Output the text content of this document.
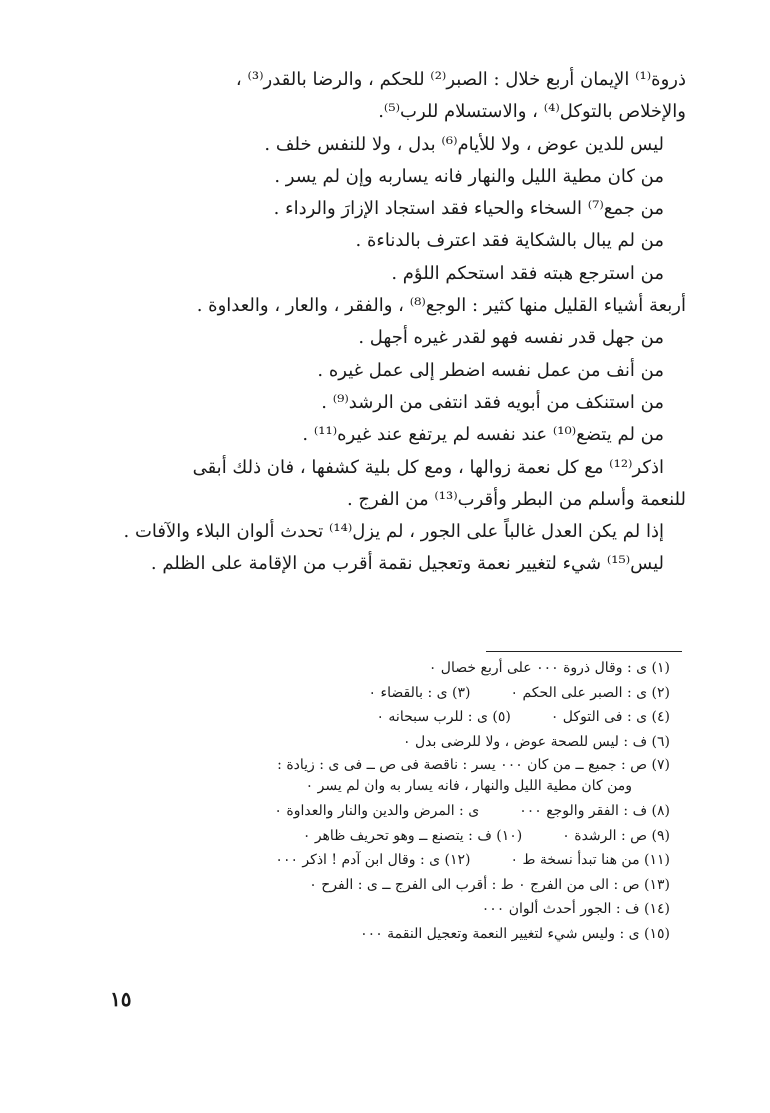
ذروة⁽¹⁾ الإيمان أربع خلال : الصبر⁽²⁾ للحكم ، والرضا بالقدر⁽³⁾ ،
والإخلاص بالتوكل⁽⁴⁾ ، والاستسلام للرب⁽⁵⁾.
ليس للدين عوض ، ولا للأيام⁽⁶⁾ بدل ، ولا للنفس خلف .
من كان مطية الليل والنهار فانه يساربه وإن لم يسر .
من جمع⁽⁷⁾ السخاء والحياء فقد استجاد الإزارَ والرداء .
من لم يبال بالشكاية فقد اعترف بالدناءة .
من استرجع هبته فقد استحكم اللؤم .
أربعة أشياء القليل منها كثير : الوجع⁽⁸⁾ ، والفقر ، والعار ، والعداوة .
من جهل قدر نفسه فهو لقدر غيره أجهل .
من أنف من عمل نفسه اضطر إلى عمل غيره .
من استنكف من أبويه فقد انتفى من الرشد⁽⁹⁾ .
من لم يتضع⁽¹⁰⁾ عند نفسه لم يرتفع عند غيره⁽¹¹⁾ .
اذكر⁽¹²⁾ مع كل نعمة زوالها ، ومع كل بلية كشفها ، فان ذلك أبقى
للنعمة وأسلم من البطر وأقرب⁽¹³⁾ من الفرج .
إذا لم يكن العدل غالباً على الجور ، لم يزل⁽¹⁴⁾ تحدث ألوان البلاء والآفات .
ليس⁽¹⁵⁾ شيء لتغيير نعمة وتعجيل نقمة أقرب من الإقامة على الظلم .
(١) ى : وقال ذروة ٠٠٠ على أربع خصال ٠
(٢) ى : الصبر على الحكم ٠(٣) ى : بالقضاء ٠
(٤) ى : فى التوكل ٠(٥) ى : للرب سبحانه ٠
(٦) ف : ليس للصحة عوض ، ولا للرضى بدل ٠
(٧) ص : جميع ــ من كان ٠٠٠ يسر : ناقصة فى ص ــ فى ى : زيادة :
ومن كان مطية الليل والنهار ، فانه يسار به وان لم يسر ٠
(٨) ف : الفقر والوجع ٠٠٠ى : المرض والدين والنار والعداوة ٠
(٩) ص : الرشدة ٠(١٠) ف : يتصنع ــ وهو تحريف ظاهر ٠
(١١) من هنا تبدأ نسخة ط ٠(١٢) ى : وقال ابن آدم ! اذكر ٠٠٠
(١٣) ص : الى من الفرج ٠ ط : أقرب الى الفرج ــ ى : الفرح ٠
(١٤) ف : الجور أحدث ألوان ٠٠٠
(١٥) ى : وليس شيء لتغيير النعمة وتعجيل النقمة ٠٠٠
١٥
